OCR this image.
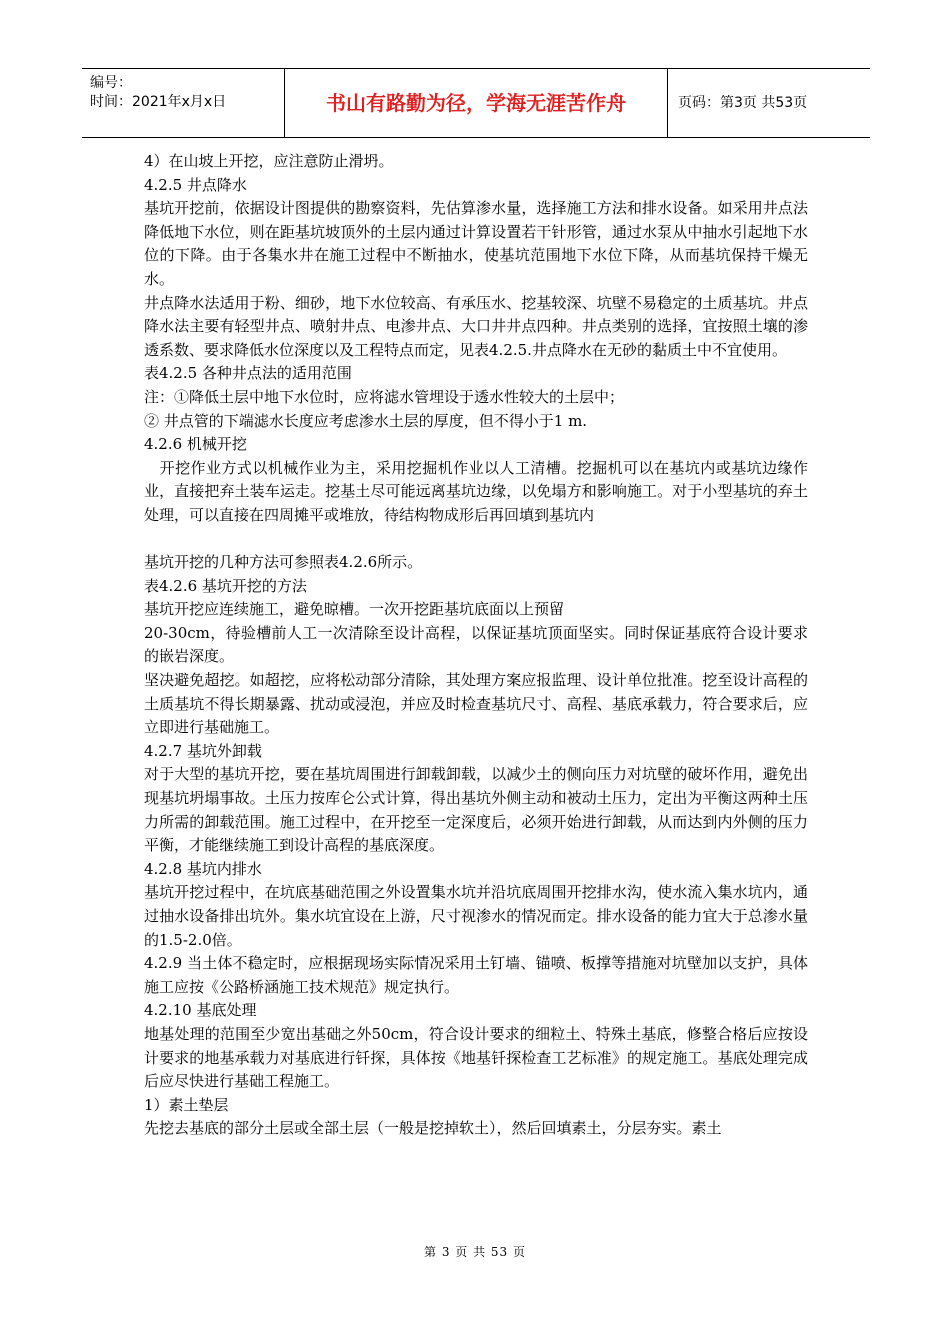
编号：
时间：2021年x月x日	书山有路勤为径，学海无涯苦作舟	页码：第3页 共53页

4）在山坡上开挖，应注意防止滑坍。

4.2.5 井点降水

基坑开挖前，依据设计图提供的勘察资料，先估算渗水量，选择施工方法和排水设备。如采用井点法降低地下水位，则在距基坑坡顶外的土层内通过计算设置若干针形管，通过水泵从中抽水引起地下水位的下降。由于各集水井在施工过程中不断抽水，使基坑范围地下水位下降，从而基坑保持干燥无水。

井点降水法适用于粉、细砂，地下水位较高、有承压水、挖基较深、坑壁不易稳定的土质基坑。井点降水法主要有轻型井点、喷射井点、电渗井点、大口井井点四种。井点类别的选择，宜按照土壤的渗透系数、要求降低水位深度以及工程特点而定，见表4.2.5.井点降水在无砂的黏质土中不宜使用。

表4.2.5 各种井点法的适用范围

注：①降低土层中地下水位时，应将滤水管埋设于透水性较大的土层中；

② 井点管的下端滤水长度应考虑渗水土层的厚度，但不得小于1 m.

4.2.6 机械开挖

开挖作业方式以机械作业为主，采用挖掘机作业以人工清槽。挖掘机可以在基坑内或基坑边缘作业，直接把弃土装车运走。挖基土尽可能远离基坑边缘，以免塌方和影响施工。对于小型基坑的弃土处理，可以直接在四周摊平或堆放，待结构物成形后再回填到基坑内

基坑开挖的几种方法可参照表4.2.6所示。

表4.2.6 基坑开挖的方法

基坑开挖应连续施工，避免晾槽。一次开挖距基坑底面以上预留

20-30cm，待验槽前人工一次清除至设计高程，以保证基坑顶面坚实。同时保证基底符合设计要求的嵌岩深度。

坚决避免超挖。如超挖，应将松动部分清除，其处理方案应报监理、设计单位批准。挖至设计高程的土质基坑不得长期暴露、扰动或浸泡，并应及时检查基坑尺寸、高程、基底承载力，符合要求后，应立即进行基础施工。

4.2.7 基坑外卸载

对于大型的基坑开挖，要在基坑周围进行卸载卸载，以减少土的侧向压力对坑壁的破坏作用，避免出现基坑坍塌事故。土压力按库仑公式计算，得出基坑外侧主动和被动土压力，定出为平衡这两种土压力所需的卸载范围。施工过程中，在开挖至一定深度后，必须开始进行卸载，从而达到内外侧的压力平衡，才能继续施工到设计高程的基底深度。

4.2.8 基坑内排水

基坑开挖过程中，在坑底基础范围之外设置集水坑并沿坑底周围开挖排水沟，使水流入集水坑内，通过抽水设备排出坑外。集水坑宜设在上游，尺寸视渗水的情况而定。排水设备的能力宜大于总渗水量的1.5-2.0倍。

4.2.9 当土体不稳定时，应根据现场实际情况采用土钉墙、锚喷、板撑等措施对坑壁加以支护，具体施工应按《公路桥涵施工技术规范》规定执行。

4.2.10 基底处理

地基处理的范围至少宽出基础之外50cm，符合设计要求的细粒土、特殊土基底，修整合格后应按设计要求的地基承载力对基底进行钎探，具体按《地基钎探检查工艺标准》的规定施工。基底处理完成后应尽快进行基础工程施工。

1）素土垫层

先挖去基底的部分土层或全部土层（一般是挖掉软土），然后回填素土，分层夯实。素土

第 3 页 共 53 页
